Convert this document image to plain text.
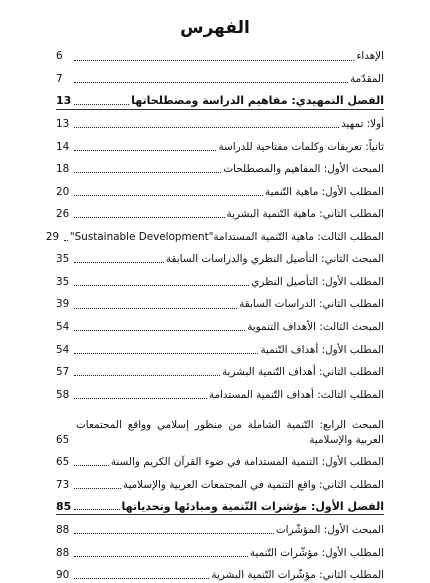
الفهرس
الإهداء
6
المقدّمة
7
الفصل التمهيدي: مفاهيم الدراسة ومصطلحاتها
13
أولا: تمهيد
13
ثانياً: تعريفات وكلمات مفتاحية للدراسة
14
المبحث الأول: المفاهيم والمصطلحات
18
المطلب الأول: ماهية التّنمية
20
المطلب الثاني: ماهية التّنمية البشرية
26
المطلب الثالث: ماهية التّنمية المستدامة"Sustainable Development"
29
المبحث الثاني: التأصيل النظري والدراسات السابقة
35
المطلب الأول: التأصيل النظري
35
المطلب الثاني: الدراسات السابقة
39
المبحث الثالث: الأهداف التنموية
54
المطلب الأول: أهداف التّنمية
54
المطلب الثاني: أهداف التّنمية البشرية
57
المطلب الثالث: أهداف التّنمية المستدامة
58
المبحث الرابع: التّنمية الشاملة من منظور إسلامي وواقع المجتمعات العربية والإسلامية
65
المطلب الأول: التنمية المستدامة في ضوء القرآن الكريم والسنة
65
المطلب الثاني: واقع التنمية في المجتمعات العربية والإسلامية
73
الفصل الأول: مؤشرات التّنمية ومبادئها وتحدياتها
85
المبحث الأول: المؤشّرات
88
المطلب الأول: مؤشّرات التّنمية
88
المطلب الثاني: مؤشّرات التّنمية البشرية
90
